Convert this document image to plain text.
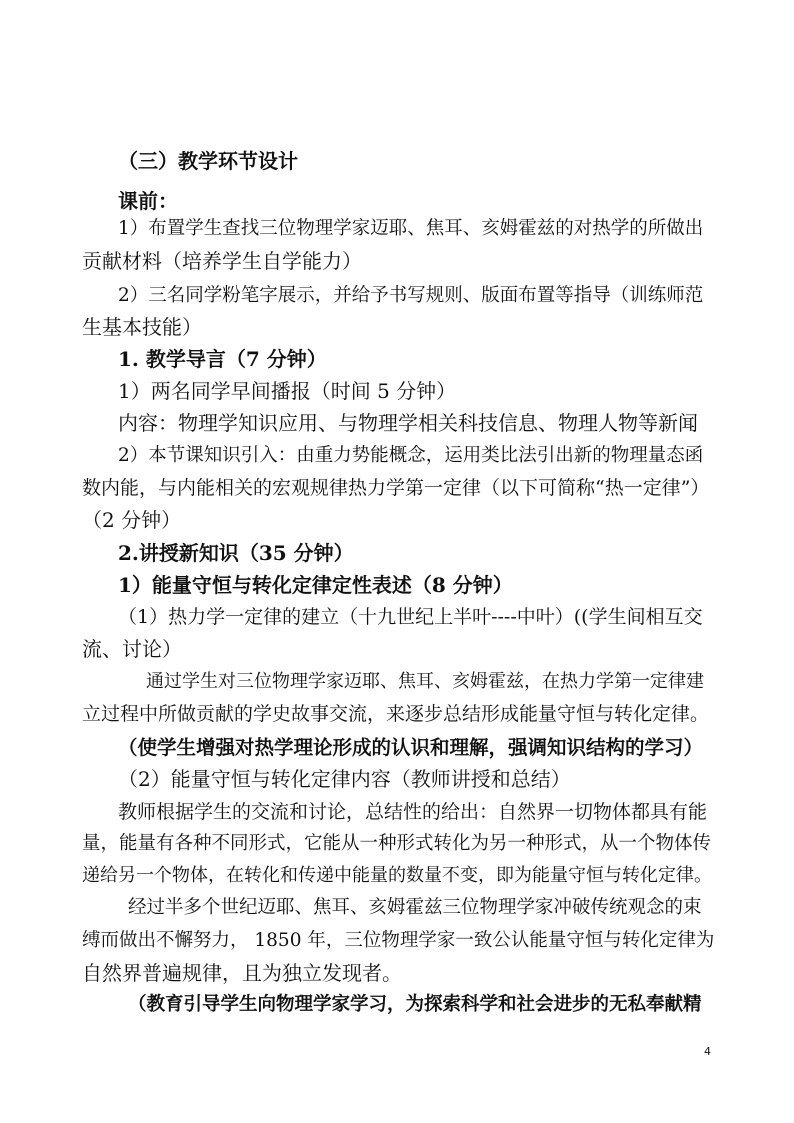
（三）教学环节设计
课前：
1）布置学生查找三位物理学家迈耶、焦耳、亥姆霍兹的对热学的所做出
贡献材料（培养学生自学能力）
2）三名同学粉笔字展示，并给予书写规则、版面布置等指导（训练师范
生基本技能）
1. 教学导言（7 分钟）
1）两名同学早间播报（时间 5 分钟）
内容：物理学知识应用、与物理学相关科技信息、物理人物等新闻
2）本节课知识引入：由重力势能概念，运用类比法引出新的物理量态函
数内能，与内能相关的宏观规律热力学第一定律（以下可简称“热一定律”）
（2 分钟）
2.讲授新知识（35 分钟）
1）能量守恒与转化定律定性表述（8 分钟）
（1）热力学一定律的建立（十九世纪上半叶----中叶）((学生间相互交
流、讨论）
通过学生对三位物理学家迈耶、焦耳、亥姆霍兹，在热力学第一定律建
立过程中所做贡献的学史故事交流，来逐步总结形成能量守恒与转化定律。
（使学生增强对热学理论形成的认识和理解，强调知识结构的学习）
（2）能量守恒与转化定律内容（教师讲授和总结）
教师根据学生的交流和讨论，总结性的给出：自然界一切物体都具有能
量，能量有各种不同形式，它能从一种形式转化为另一种形式，从一个物体传
递给另一个物体，在转化和传递中能量的数量不变，即为能量守恒与转化定律。
经过半多个世纪迈耶、焦耳、亥姆霍兹三位物理学家冲破传统观念的束
缚而做出不懈努力， 1850 年，三位物理学家一致公认能量守恒与转化定律为
自然界普遍规律，且为独立发现者。
（教育引导学生向物理学家学习，为探索科学和社会进步的无私奉献精
4
